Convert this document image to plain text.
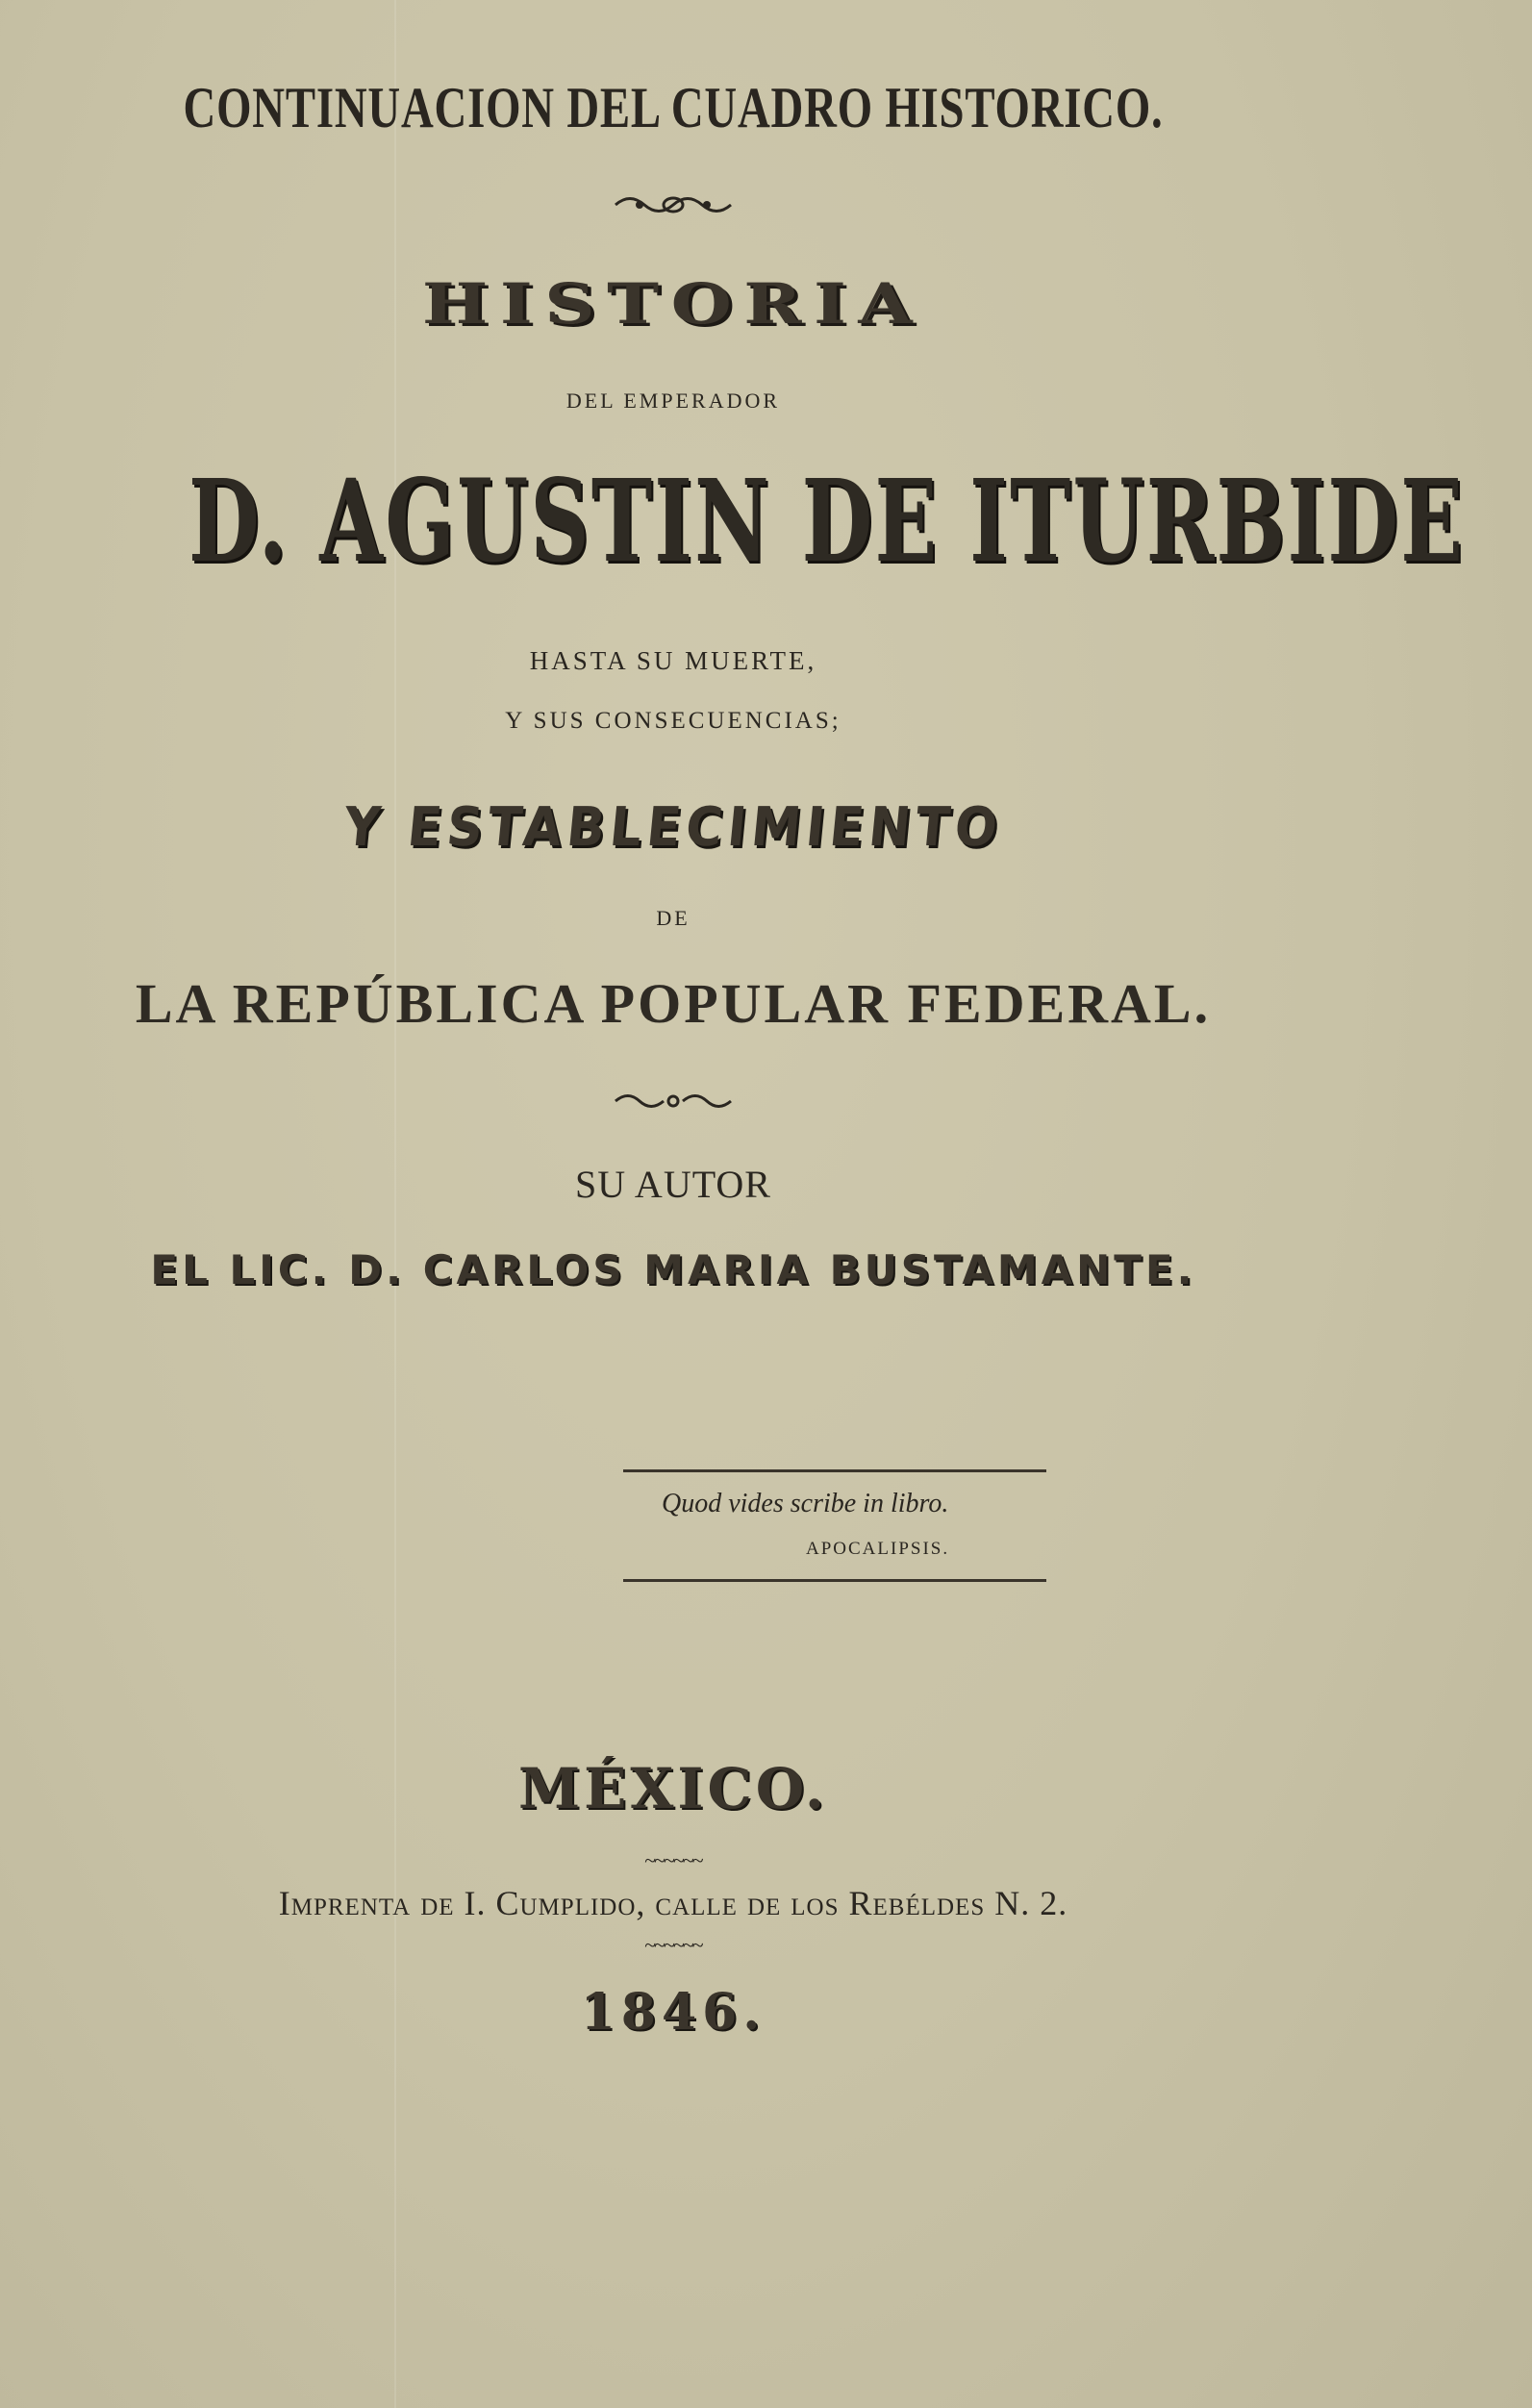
CONTINUACION DEL CUADRO HISTORICO.
HISTORIA
DEL EMPERADOR
D. AGUSTIN DE ITURBIDE
HASTA SU MUERTE,
Y SUS CONSECUENCIAS;
Y ESTABLECIMIENTO
DE
LA REPÚBLICA POPULAR FEDERAL.
SU AUTOR
EL LIC. D. CARLOS MARIA BUSTAMANTE.
Quod vides scribe in libro.
APOCALIPSIS.
MÉXICO.
~~~~~~
Imprenta de I. Cumplido, calle de los Rebéldes N. 2.
~~~~~~
1846.
